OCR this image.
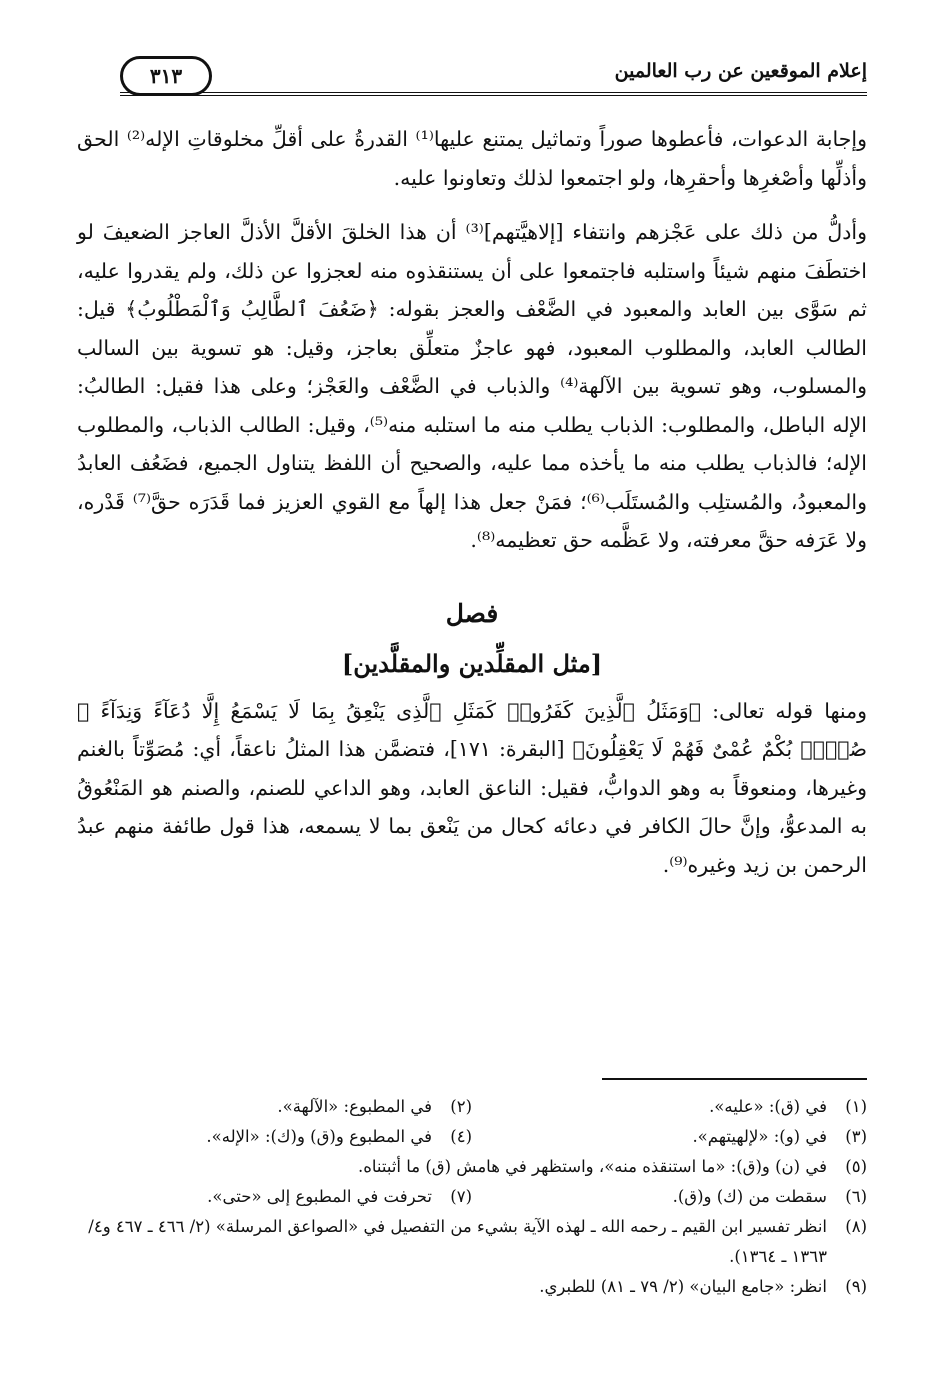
إعلام الموقعين عن رب العالمين
٣١٣

وإجابة الدعوات، فأعطوها صوراً وتماثيل يمتنع عليها⁽¹⁾ القدرةُ على أقلِّ مخلوقاتِ الإله⁽²⁾ الحق وأذلِّها وأصْغرِها وأحقرِها، ولو اجتمعوا لذلك وتعاونوا عليه.

وأدلُّ من ذلك على عَجْزهم وانتفاء [إلاهيَّتهم]⁽³⁾ أن هذا الخلقَ الأقلَّ الأذلَّ العاجز الضعيفَ لو اختطَفَ منهم شيئاً واستلبه فاجتمعوا على أن يستنقذوه منه لعجزوا عن ذلك، ولم يقدروا عليه، ثم سَوَّى بين العابد والمعبود في الضَّعْف والعجز بقوله: ﴿ضَعُفَ ٱلطَّالِبُ وَٱلْمَطْلُوبُ﴾ قيل: الطالب العابد، والمطلوب المعبود، فهو عاجزٌ متعلِّق بعاجز، وقيل: هو تسوية بين السالب والمسلوب، وهو تسوية بين الآلهة⁽⁴⁾ والذباب في الضَّعْف والعَجْز؛ وعلى هذا فقيل: الطالبُ: الإله الباطل، والمطلوب: الذباب يطلب منه ما استلبه منه⁽⁵⁾، وقيل: الطالب الذباب، والمطلوب الإله؛ فالذباب يطلب منه ما يأخذه مما عليه، والصحيح أن اللفظ يتناول الجميع، فضَعُف العابدُ والمعبودُ، والمُستلِب والمُستَلَب⁽⁶⁾؛ فمَنْ جعل هذا إلهاً مع القوي العزيز فما قَدَرَه حقَّ⁽⁷⁾ قَدْره، ولا عَرَفه حقَّ معرفته، ولا عَظَّمه حق تعظيمه⁽⁸⁾.

فصل
[مثل المقلِّدين والمقلَّدين]

ومنها قوله تعالى: ﴿وَمَثَلُ ٱلَّذِينَ كَفَرُوا۟ كَمَثَلِ ٱلَّذِى يَنْعِقُ بِمَا لَا يَسْمَعُ إِلَّا دُعَآءً وَنِدَآءً ۚ صُمٌّۢ بُكْمٌ عُمْىٌ فَهُمْ لَا يَعْقِلُونَ﴾ [البقرة: ١٧١]، فتضمَّن هذا المثلُ ناعقاً، أي: مُصَوِّتاً بالغنم وغيرها، ومنعوقاً به وهو الدوابُّ، فقيل: الناعق العابد، وهو الداعي للصنم، والصنم هو المَنْعُوقُ به المدعوُّ، وإنَّ حالَ الكافر في دعائه كحال من يَنْعق بما لا يسمعه، هذا قول طائفة منهم عبدُ الرحمن بن زيد وغيره⁽⁹⁾.

(١)
في (ق): «عليه».
(٢)
في المطبوع: «الآلهة».
(٣)
في (و): «لإلهيتهم».
(٤)
في المطبوع و(ق) و(ك): «الإله».
(٥)
في (ن) و(ق): «ما استنقذه منه»، واستظهر في هامش (ق) ما أثبتناه.
(٦)
سقطت من (ك) و(ق).
(٧)
تحرفت في المطبوع إلى «حتى».
(٨)
انظر تفسير ابن القيم ـ رحمه الله ـ لهذه الآية بشيء من التفصيل في «الصواعق المرسلة» (٢/ ٤٦٦ ـ ٤٦٧ و٤/ ١٣٦٣ ـ ١٣٦٤).
(٩)
انظر: «جامع البيان» (٢/ ٧٩ ـ ٨١) للطبري.
